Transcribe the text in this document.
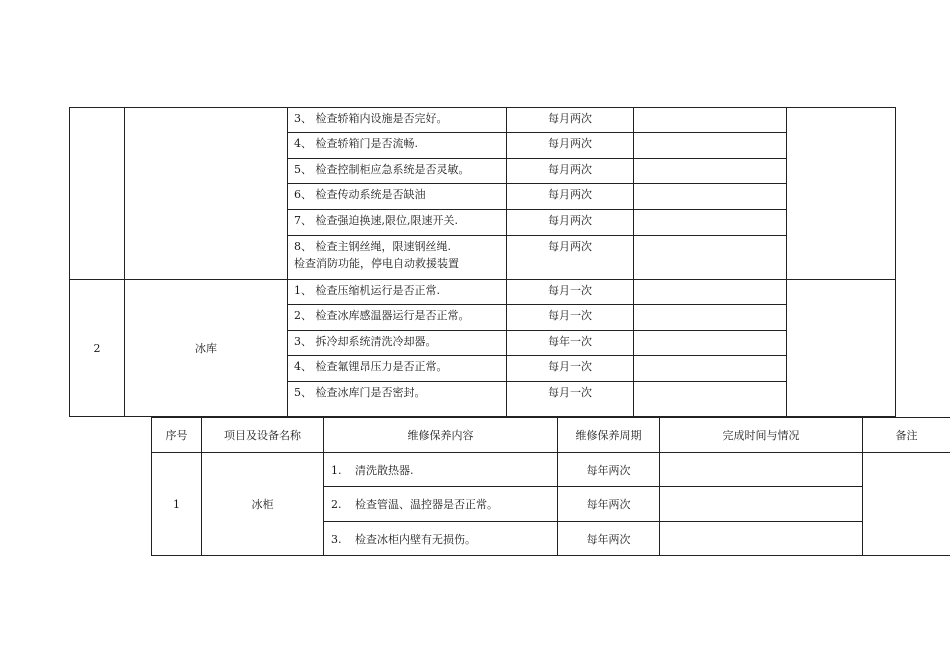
		3、 检查轿箱内设施是否完好。	每月两次		
		4、 检查轿箱门是否流畅.	每月两次		
		5、 检查控制柜应急系统是否灵敏。	每月两次		
		6、 检查传动系统是否缺油	每月两次		
		7、 检查强迫换速,限位,限速开关.	每月两次		

		8、 检查主钢丝绳，限速钢丝绳.
检查消防功能，停电自动救援装置	每月两次		
2	冰库	1、 检查压缩机运行是否正常.	每月一次		
		2、 检查冰库感温器运行是否正常。	每月一次		
		3、 拆冷却系统清洗冷却器。	每年一次		
		4、 检查氟锂昂压力是否正常。	每月一次		
		5、 检查冰库门是否密封。	每月一次		
序号	项目及设备名称	维修保养内容	维修保养周期	完成时间与情况	备注
1	冰柜	1. 清洗散热器.	每年两次		
		2. 检查管温、温控器是否正常。	每年两次		
		3. 检查冰柜内壁有无损伤。	每年两次		
